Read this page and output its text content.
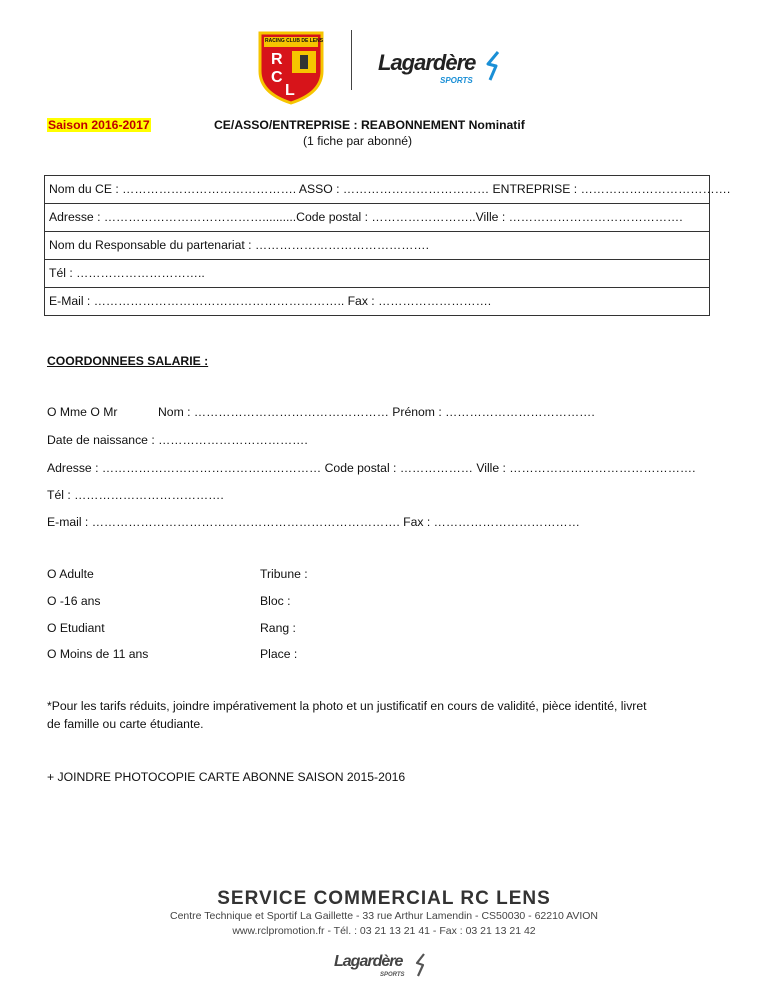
RACING CLUB DE LENS
R
C
L
Lagardère
SPORTS
Saison 2016-2017	CE/ASSO/ENTREPRISE : REABONNEMENT Nominatif
(1 fiche par abonné)
Nom du CE : ……………………………………. ASSO : ……………………………… ENTREPRISE : ……………………………….
Adresse : …………………………………..........Code postal : ……………………..Ville : …………………………………….
Nom du Responsable du partenariat : …………………………………….
Tél : …………………………..
E-Mail : …………………………………………………….. Fax : ……………………….
COORDONNEES SALARIE :
O Mme O Mr	Nom : ………………………………………… Prénom : ……………………………….
Date de naissance : ……………………………….
Adresse : ……………………………………………… Code postal : ……………… Ville : ……………………………………….
Tél : ……………………………….
E-mail : …………………………………………………………………. Fax : ………………………………
O Adulte
O -16 ans
O Etudiant
O Moins de 11 ans
Tribune :
Bloc :
Rang :
Place :
*Pour les tarifs réduits, joindre impérativement la photo et un justificatif en cours de validité, pièce identité, livret
de famille ou carte étudiante.
+ JOINDRE PHOTOCOPIE CARTE ABONNE SAISON 2015-2016
SERVICE COMMERCIAL RC LENS
Centre Technique et Sportif La Gaillette - 33 rue Arthur Lamendin - CS50030 - 62210 AVION
www.rclpromotion.fr - Tél. : 03 21 13 21 41 - Fax : 03 21 13 21 42
Lagardère
SPORTS
